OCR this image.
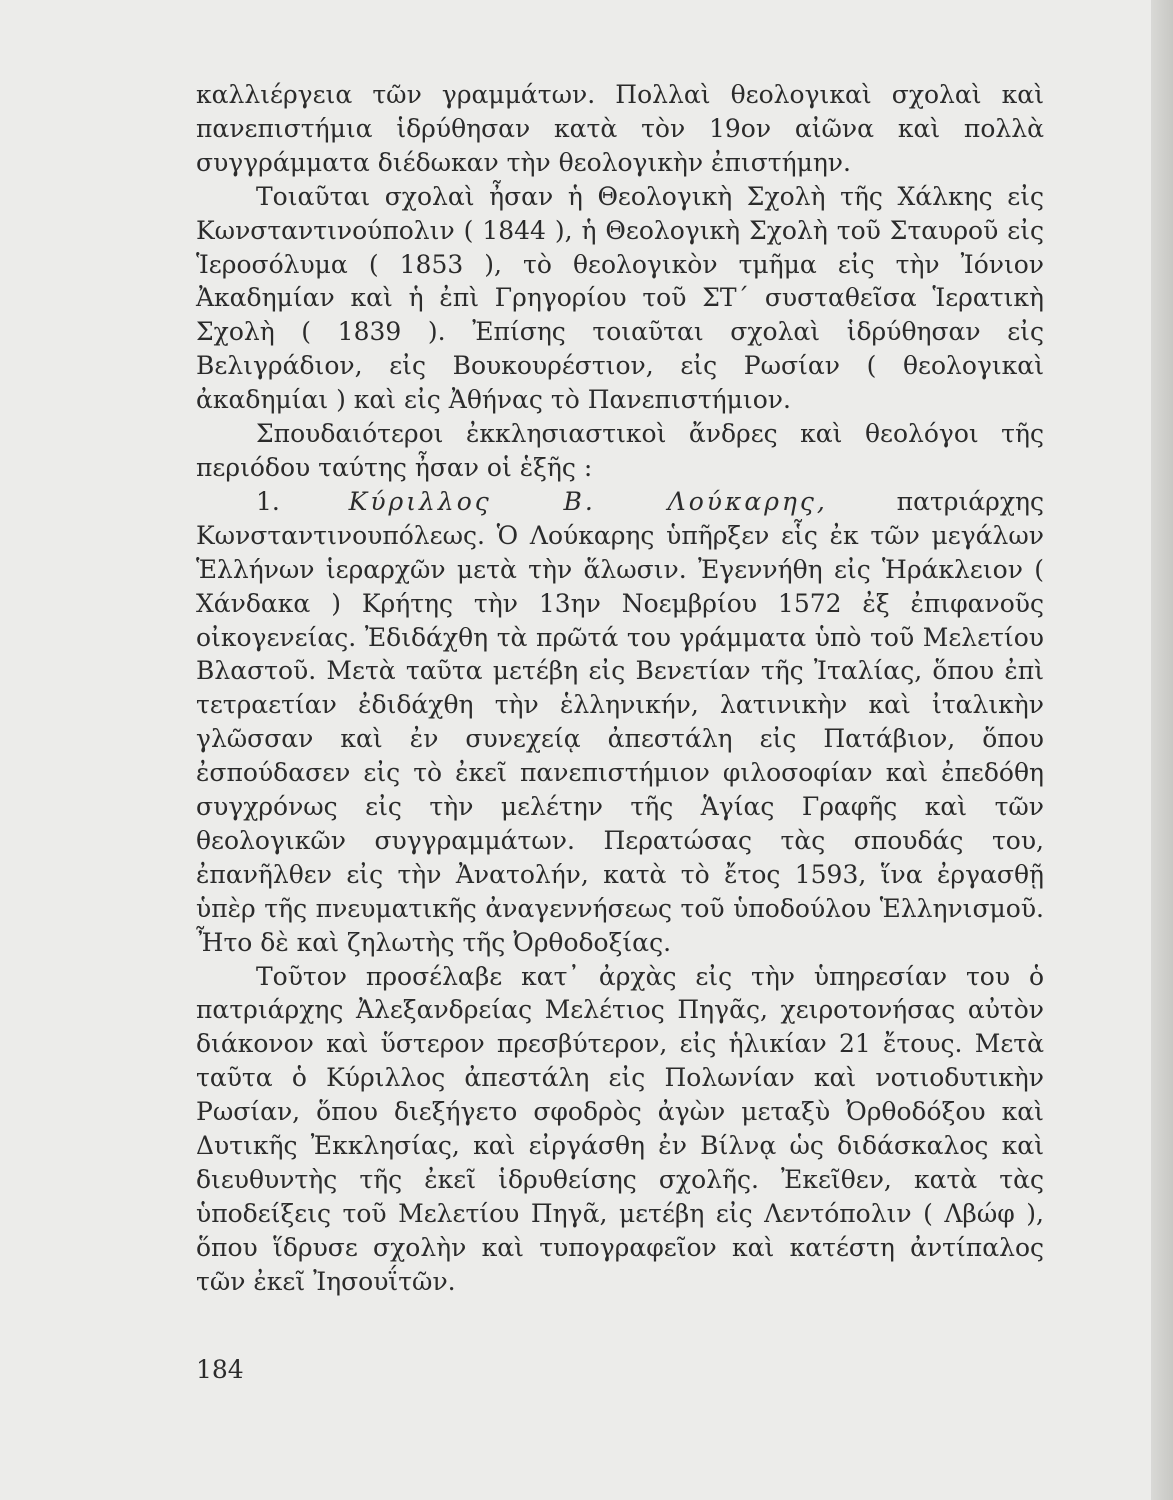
καλλιέργεια τῶν γραμμάτων. Πολλαὶ θεολογικαὶ σχολαὶ καὶ πανεπιστήμια ἱδρύθησαν κατὰ τὸν 19ον αἰῶνα καὶ πολλὰ συγγράμματα διέδωκαν τὴν θεολογικὴν ἐπιστήμην.

Τοιαῦται σχολαὶ ἦσαν ἡ Θεολογικὴ Σχολὴ τῆς Χάλκης εἰς Κωνσταντινούπολιν ( 1844 ), ἡ Θεολογικὴ Σχολὴ τοῦ Σταυροῦ εἰς Ἱεροσόλυμα ( 1853 ), τὸ θεολογικὸν τμῆμα εἰς τὴν Ἰόνιον Ἀκαδημίαν καὶ ἡ ἐπὶ Γρηγορίου τοῦ ΣΤ΄ συσταθεῖσα Ἱερατικὴ Σχολὴ ( 1839 ). Ἐπίσης τοιαῦται σχολαὶ ἱδρύθησαν εἰς Βελιγράδιον, εἰς Βουκουρέστιον, εἰς Ρωσίαν ( θεολογικαὶ ἀκαδημίαι ) καὶ εἰς Ἀθήνας τὸ Πανεπιστήμιον.

Σπουδαιότεροι ἐκκλησιαστικοὶ ἄνδρες καὶ θεολόγοι τῆς περιόδου ταύτης ἦσαν οἱ ἑξῆς :

1.	Κύριλλος Β. Λούκαρης, πατριάρχης Κωνσταντινουπόλεως. Ὁ Λούκαρης ὑπῆρξεν εἷς ἐκ τῶν μεγάλων Ἑλλήνων ἱεραρχῶν μετὰ τὴν ἅλωσιν. Ἐγεννήθη εἰς Ἡράκλειον ( Χάνδακα ) Κρήτης τὴν 13ην Νοεμβρίου 1572 ἐξ ἐπιφανοῦς οἰκογενείας. Ἐδιδάχθη τὰ πρῶτά του γράμματα ὑπὸ τοῦ Μελετίου Βλαστοῦ. Μετὰ ταῦτα μετέβη εἰς Βενετίαν τῆς Ἰταλίας, ὅπου ἐπὶ τετραετίαν ἐδιδάχθη τὴν ἑλληνικήν, λατινικὴν καὶ ἰταλικὴν γλῶσσαν καὶ ἐν συνεχείᾳ ἀπεστάλη εἰς Πατάβιον, ὅπου ἐσπούδασεν εἰς τὸ ἐκεῖ πανεπιστήμιον φιλοσοφίαν καὶ ἐπεδόθη συγχρόνως εἰς τὴν μελέτην τῆς Ἁγίας Γραφῆς καὶ τῶν θεολογικῶν συγγραμμάτων. Περατώσας τὰς σπουδάς του, ἐπανῆλθεν εἰς τὴν Ἀνατολήν, κατὰ τὸ ἔτος 1593, ἵνα ἐργασθῇ ὑπὲρ τῆς πνευματικῆς ἀναγεννήσεως τοῦ ὑποδούλου Ἑλληνισμοῦ. Ἦτο δὲ καὶ ζηλωτὴς τῆς Ὀρθοδοξίας.

Τοῦτον προσέλαβε κατ᾽ ἀρχὰς εἰς τὴν ὑπηρεσίαν του ὁ πατριάρχης Ἀλεξανδρείας Μελέτιος Πηγᾶς, χειροτονήσας αὐτὸν διάκονον καὶ ὕστερον πρεσβύτερον, εἰς ἡλικίαν 21 ἔτους. Μετὰ ταῦτα ὁ Κύριλλος ἀπεστάλη εἰς Πολωνίαν καὶ νοτιοδυτικὴν Ρωσίαν, ὅπου διεξήγετο σφοδρὸς ἀγὼν μεταξὺ Ὀρθοδόξου καὶ Δυτικῆς Ἐκκλησίας, καὶ εἰργάσθη ἐν Βίλνᾳ ὡς διδάσκαλος καὶ διευθυντὴς τῆς ἐκεῖ ἱδρυθείσης σχολῆς. Ἐκεῖθεν, κατὰ τὰς ὑποδείξεις τοῦ Μελετίου Πηγᾶ, μετέβη εἰς Λεντόπολιν ( Λβώφ ), ὅπου ἵδρυσε σχολὴν καὶ τυπογραφεῖον καὶ κατέστη ἀντίπαλος τῶν ἐκεῖ Ἰησουΐτῶν.

184
